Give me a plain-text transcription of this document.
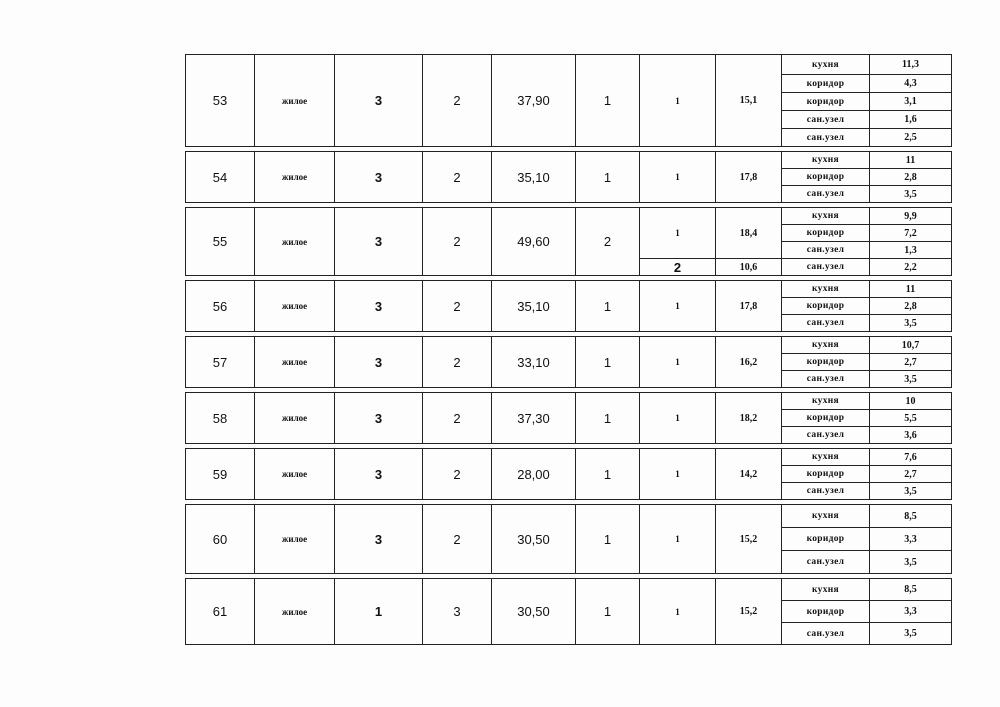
53	жилое	3	2	37,90	1	1	15,1	кухня	11,3
								коридор	4,3
								коридор	3,1
								сан.узел	1,6
								сан.узел	2,5

54	жилое	3	2	35,10	1	1	17,8	кухня	11
								коридор	2,8
								сан.узел	3,5

55	жилое	3	2	49,60	2	1	18,4	кухня	9,9
								коридор	7,2
								сан.узел	1,3
						2	10,6	сан.узел	2,2

56	жилое	3	2	35,10	1	1	17,8	кухня	11
								коридор	2,8
								сан.узел	3,5

57	жилое	3	2	33,10	1	1	16,2	кухня	10,7
								коридор	2,7
								сан.узел	3,5

58	жилое	3	2	37,30	1	1	18,2	кухня	10
								коридор	5,5
								сан.узел	3,6

59	жилое	3	2	28,00	1	1	14,2	кухня	7,6
								коридор	2,7
								сан.узел	3,5

60	жилое	3	2	30,50	1	1	15,2	кухня	8,5
								коридор	3,3
								сан.узел	3,5

61	жилое	1	3	30,50	1	1	15,2	кухня	8,5
								коридор	3,3
								сан.узел	3,5
